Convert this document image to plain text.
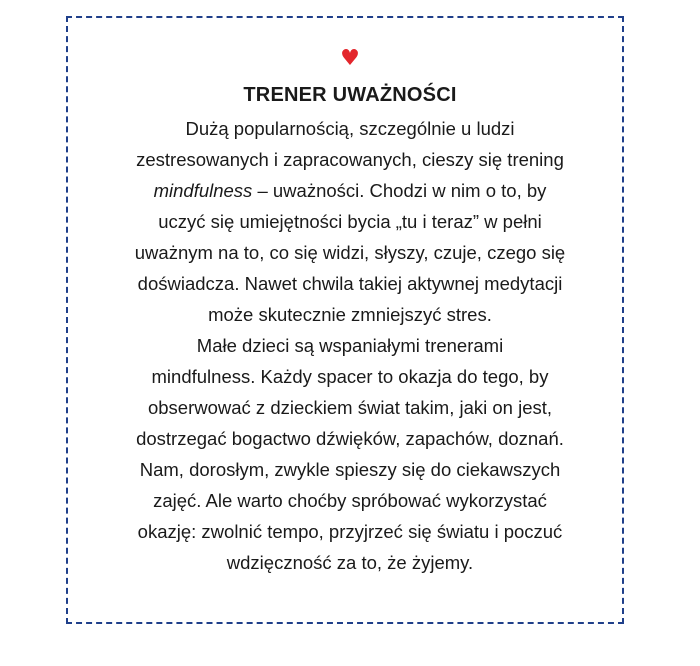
♥
TRENER UWAŻNOŚCI
Dużą popularnością, szczególnie u ludzi
zestresowanych i zapracowanych, cieszy się trening
mindfulness – uważności. Chodzi w nim o to, by
uczyć się umiejętności bycia „tu i teraz” w pełni
uważnym na to, co się widzi, słyszy, czuje, czego się
doświadcza. Nawet chwila takiej aktywnej medytacji
może skutecznie zmniejszyć stres.
Małe dzieci są wspaniałymi trenerami
mindfulness. Każdy spacer to okazja do tego, by
obserwować z dzieckiem świat takim, jaki on jest,
dostrzegać bogactwo dźwięków, zapachów, doznań.
Nam, dorosłym, zwykle spieszy się do ciekawszych
zajęć. Ale warto choćby spróbować wykorzystać
okazję: zwolnić tempo, przyjrzeć się światu i poczuć
wdzięczność za to, że żyjemy.
